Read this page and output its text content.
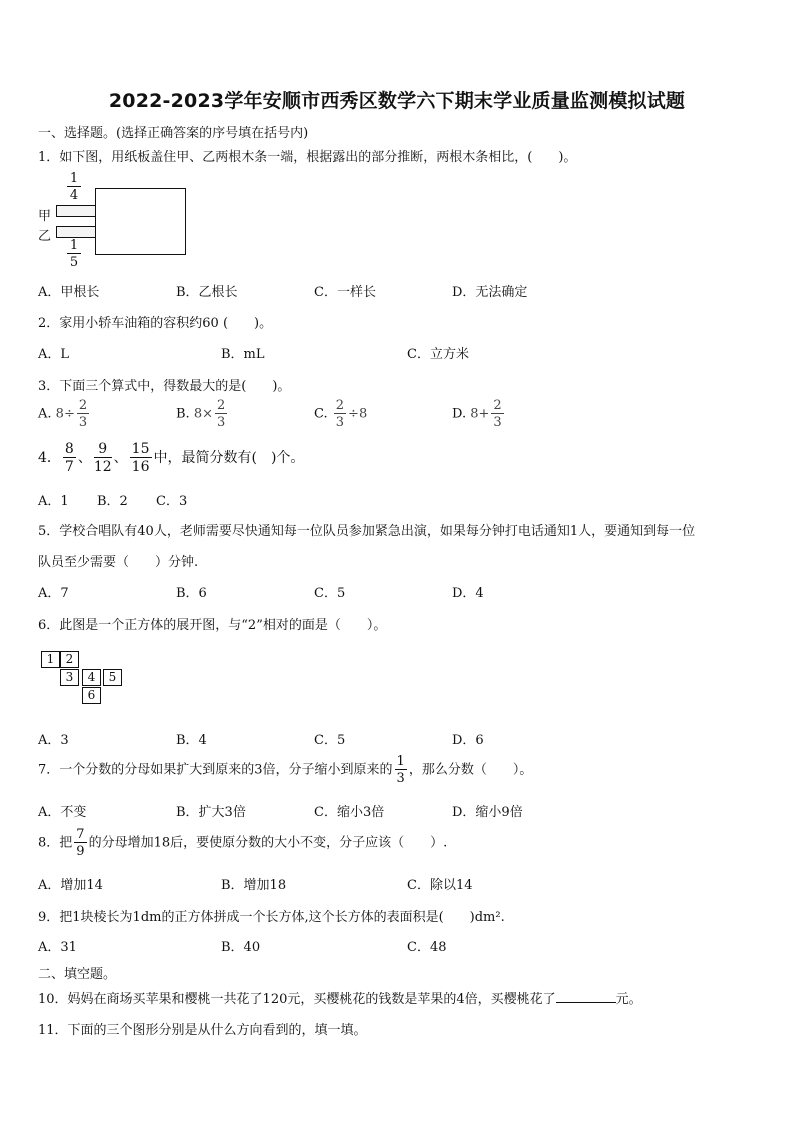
2022-2023学年安顺市西秀区数学六下期末学业质量监测模拟试题
一、选择题。(选择正确答案的序号填在括号内)
1．如下图，用纸板盖住甲、乙两根木条一端，根据露出的部分推断，两根木条相比，(　　)。
$\frac{1}{4}$
甲
乙
$\frac{1}{5}$
A．甲根长	B．乙根长	C．一样长	D．无法确定
2．家用小轿车油箱的容积约60 (　　)。
A．L	B．mL	C．立方米
3．下面三个算式中，得数最大的是(　　)。
A. $8\div \frac{2}{3}$	B. $8\times \frac{2}{3}$	C. $\frac{2}{3} \div 8$	D. $8+ \frac{2}{3}$
4． $\frac{8}{7}$ 、 $\frac{9}{12}$ 、 $\frac{15}{16}$ 中，最简分数有(　)个。
A．1 B．2 C．3
5．学校合唱队有40人，老师需要尽快通知每一位队员参加紧急出演，如果每分钟打电话通知1人，要通知到每一位
队员至少需要（　　）分钟.
A．7	B．6	C．5	D．4
6．此图是一个正方体的展开图，与“2”相对的面是（　　）。
1 2
3	4	5
6
A．3	B．4	C．5	D．6
7．一个分数的分母如果扩大到原来的3倍，分子缩小到原来的 $\frac{1}{3}$ ，那么分数（　　）。
A．不变	B．扩大3倍	C．缩小3倍	D．缩小9倍
8．把 $\frac{7}{9}$ 的分母增加18后，要使原分数的大小不变，分子应该（　　）.
A．增加14	B．增加18	C．除以14
9．把1块棱长为1dm的正方体拼成一个长方体,这个长方体的表面积是(　　)dm².
A．31	B．40	C．48
二、填空题。
10．妈妈在商场买苹果和樱桃一共花了120元，买樱桃花的钱数是苹果的4倍，买樱桃花了	元。
11．下面的三个图形分别是从什么方向看到的，填一填。
